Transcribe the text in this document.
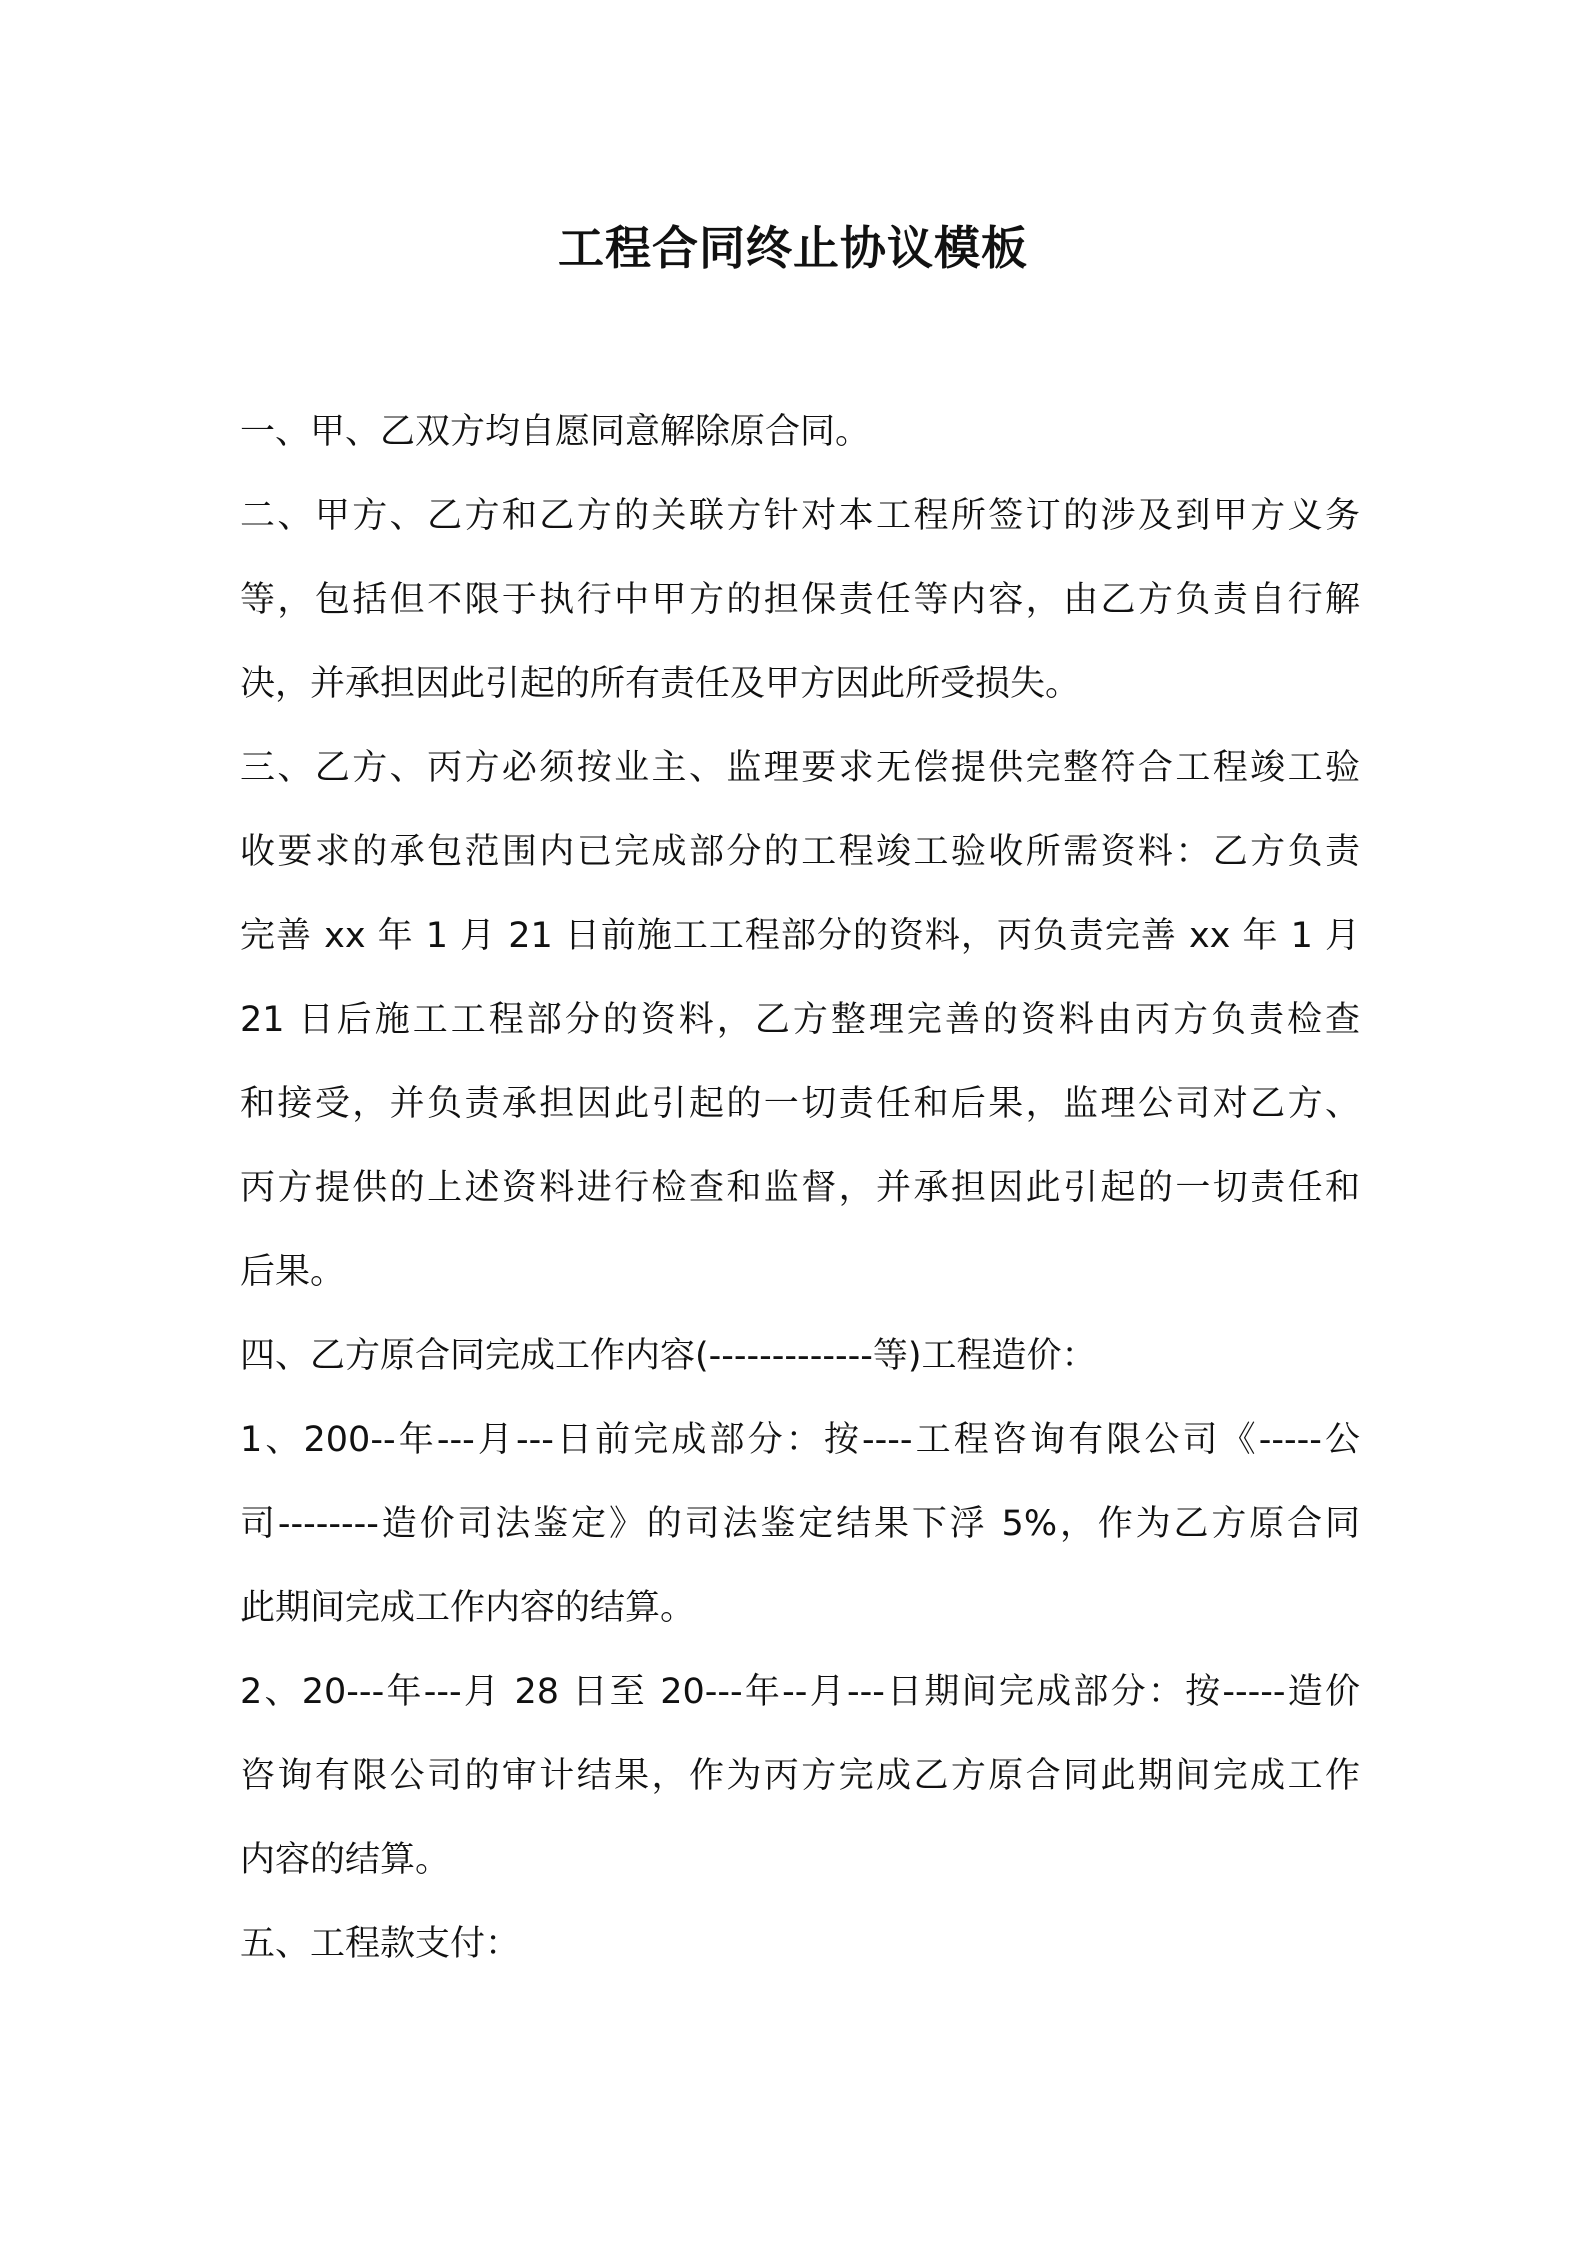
工程合同终止协议模板

一、甲、乙双方均自愿同意解除原合同。

二、甲方、乙方和乙方的关联方针对本工程所签订的涉及到甲方义务

等，包括但不限于执行中甲方的担保责任等内容，由乙方负责自行解

决，并承担因此引起的所有责任及甲方因此所受损失。

三、乙方、丙方必须按业主、监理要求无偿提供完整符合工程竣工验

收要求的承包范围内已完成部分的工程竣工验收所需资料：乙方负责

完善 xx 年 1 月 21 日前施工工程部分的资料，丙负责完善 xx 年 1 月

21 日后施工工程部分的资料，乙方整理完善的资料由丙方负责检查

和接受，并负责承担因此引起的一切责任和后果，监理公司对乙方、

丙方提供的上述资料进行检查和监督，并承担因此引起的一切责任和

后果。

四、乙方原合同完成工作内容(-------------等)工程造价：

1、200--年---月---日前完成部分：按----工程咨询有限公司《-----公

司--------造价司法鉴定》的司法鉴定结果下浮 5%，作为乙方原合同

此期间完成工作内容的结算。

2、20---年---月 28 日至 20---年--月---日期间完成部分：按-----造价

咨询有限公司的审计结果，作为丙方完成乙方原合同此期间完成工作

内容的结算。

五、工程款支付：
